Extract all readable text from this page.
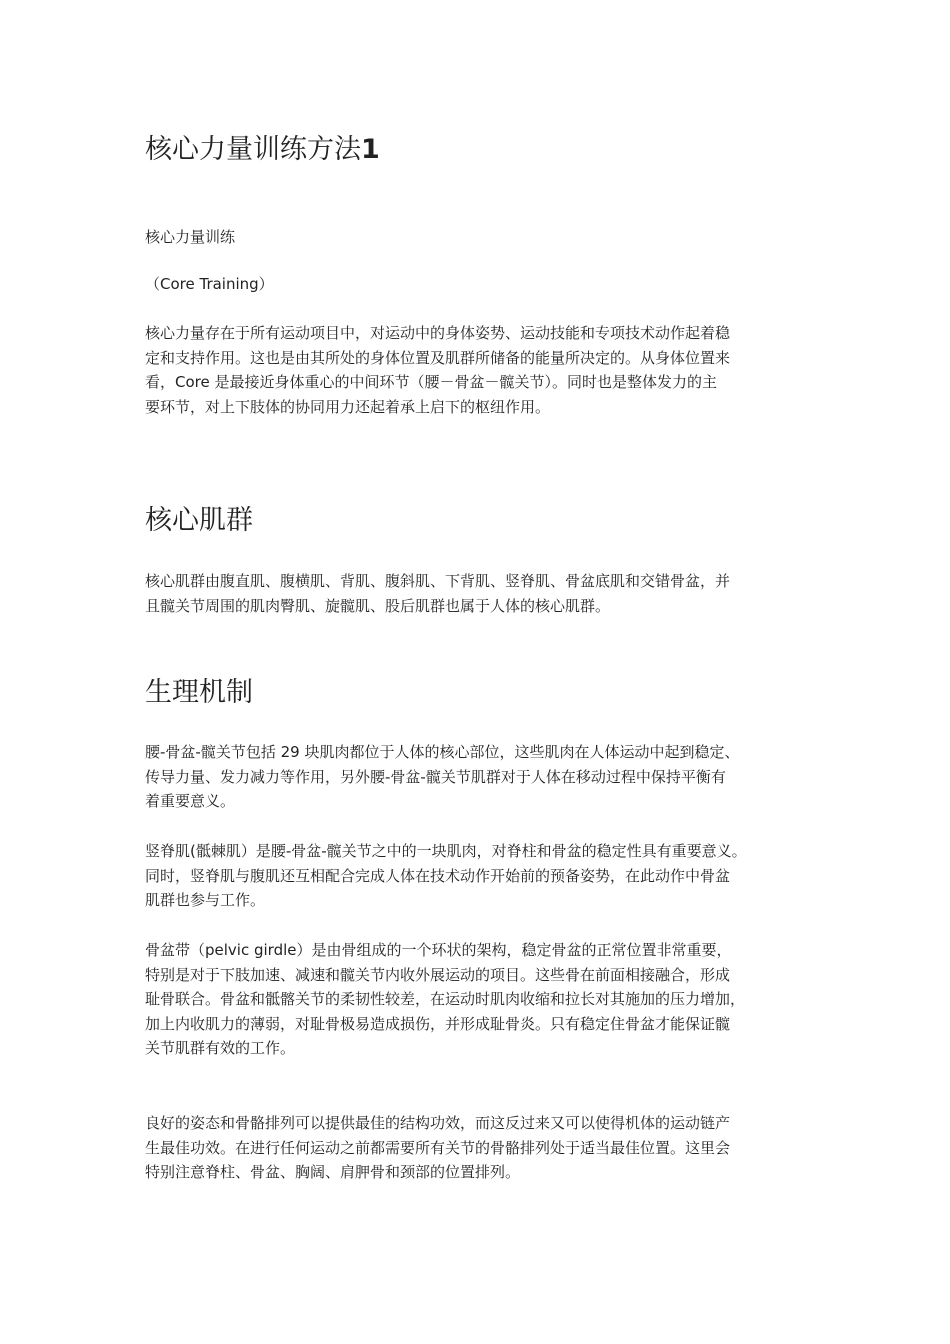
核心力量训练方法1

核心力量训练

（Core Training）

核心力量存在于所有运动项目中，对运动中的身体姿势、运动技能和专项技术动作起着稳
定和支持作用。这也是由其所处的身体位置及肌群所储备的能量所决定的。从身体位置来
看，Core 是最接近身体重心的中间环节（腰－骨盆－髋关节）。同时也是整体发力的主
要环节，对上下肢体的协同用力还起着承上启下的枢纽作用。

核心肌群

核心肌群由腹直肌、腹横肌、背肌、腹斜肌、下背肌、竖脊肌、骨盆底肌和交错骨盆，并
且髋关节周围的肌肉臀肌、旋髋肌、股后肌群也属于人体的核心肌群。

生理机制

腰-骨盆-髋关节包括 29 块肌肉都位于人体的核心部位，这些肌肉在人体运动中起到稳定、
传导力量、发力减力等作用，另外腰-骨盆-髋关节肌群对于人体在移动过程中保持平衡有
着重要意义。

竖脊肌(骶棘肌）是腰-骨盆-髋关节之中的一块肌肉，对脊柱和骨盆的稳定性具有重要意义。
同时，竖脊肌与腹肌还互相配合完成人体在技术动作开始前的预备姿势，在此动作中骨盆
肌群也参与工作。

骨盆带（pelvic girdle）是由骨组成的一个环状的架构，稳定骨盆的正常位置非常重要，
特别是对于下肢加速、减速和髋关节内收外展运动的项目。这些骨在前面相接融合，形成
耻骨联合。骨盆和骶髂关节的柔韧性较差，在运动时肌肉收缩和拉长对其施加的压力增加，
加上内收肌力的薄弱，对耻骨极易造成损伤，并形成耻骨炎。只有稳定住骨盆才能保证髋
关节肌群有效的工作。

良好的姿态和骨骼排列可以提供最佳的结构功效，而这反过来又可以使得机体的运动链产
生最佳功效。在进行任何运动之前都需要所有关节的骨骼排列处于适当最佳位置。这里会
特别注意脊柱、骨盆、胸阔、肩胛骨和颈部的位置排列。
